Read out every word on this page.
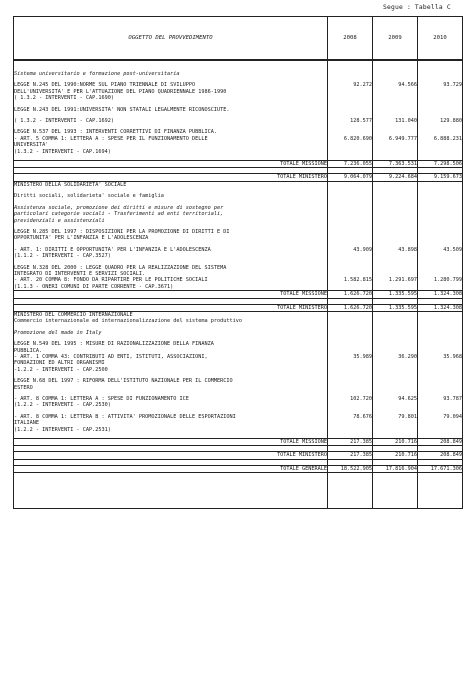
Segue : Tabella C
OGGETTO DEL PROVVEDIMENTO	2008	2009	2010

Sistema universitario e formazione post-universitaria			

LEGGE N.245 DEL 1990:NORME SUL PIANO TRIENNALE DI SVILUPPO
DELL'UNIVERSITA' E PER L'ATTUAZIONE DEL PIANO QUADRIENNALE 1986-1990
( 1.3.2 - INTERVENTI - CAP.1690)	92.272	94.566	93.729

LEGGE N.243 DEL 1991:UNIVERSITA' NON STATALI LEGALMENTE RICONOSCIUTE.			

( 1.3.2 - INTERVENTI - CAP.1692)	128.577	131.040	129.880

LEGGE N.537 DEL 1993 : INTERVENTI CORRETTIVI DI FINANZA PUBBLICA.			
- ART. 5 COMMA 1: LETTERA A : SPESE PER IL FUNZIONAMENTO DELLE
UNIVERSITA'
(1.3.2 - INTERVENTI - CAP.1694)	6.820.690	6.949.777	6.888.231

TOTALE MISSIONE	7.236.055	7.363.531	7.298.506

TOTALE MINISTERO	9.064.079	9.224.684	9.159.673
MINISTERO DELLA SOLIDARIETA' SOCIALE			

Diritti sociali, solidarieta' sociale e famiglia			

Assistenza sociale, promozione dei diritti e misure di sostegno per
particolari categorie sociali - Trasferimenti ad enti territoriali,
previdenziali e assistenziali			

LEGGE N.285 DEL 1997 : DISPOSIZIONI PER LA PROMOZIONE DI DIRITTI E DI
OPPORTUNITA' PER L'INFANZIA E L'ADOLESCENZA			

- ART. 1: DIRITTI E OPPORTUNITA' PER L'INFANZIA E L'ADOLESCENZA
(1.1.2 - INTERVENTI - CAP.3527)	43.909	43.898	43.509

LEGGE N.328 DEL 2000 : LEGGE QUADRO PER LA REALIZZAZIONE DEL SISTEMA
INTEGRATO DI INTERVENTI E SERVIZI SOCIALI.			
- ART. 20 COMMA 8: FONDO DA RIPARTIRE PER LE POLITICHE SOCIALI
(1.1.3 - ONERI COMUNI DI PARTE CORRENTE - CAP.3671)	1.582.815	1.291.697	1.280.799
TOTALE MISSIONE	1.626.720	1.335.595	1.324.308

TOTALE MINISTERO	1.626.720	1.335.595	1.324.308
MINISTERO DEL COMMERCIO INTERNAZIONALE			
Commercio internazionale ed internazionalizzazione del sistema produttivo			

Promozione del made in Italy			

LEGGE N.549 DEL 1995 : MISURE DI RAZIONALIZZAZIONE DELLA FINANZA
PUBBLICA.			
- ART. 1 COMMA 43: CONTRIBUTI AD ENTI, ISTITUTI, ASSOCIAZIONI,
FONDAZIONI ED ALTRI ORGANISMI
-1.2.2 - INTERVENTI - CAP.2500	35.989	36.290	35.968

LEGGE N.68 DEL 1997 : RIFORMA DELL'ISTITUTO NAZIONALE PER IL COMMERCIO
ESTERO			

- ART. 8 COMMA 1: LETTERA A : SPESE DI FUNZIONAMENTO ICE
(1.2.2 - INTERVENTI - CAP.2530)	102.720	94.625	93.787

- ART. 8 COMMA 1: LETTERA B : ATTIVITA' PROMOZIONALE DELLE ESPORTAZIONI
ITALIANE
(1.2.2 - INTERVENTI - CAP.2531)	78.676	79.801	79.094

TOTALE MISSIONE	217.385	210.716	208.849

TOTALE MINISTERO	217.385	210.716	208.849

TOTALE GENERALE	18.522.905	17.816.904	17.671.306
